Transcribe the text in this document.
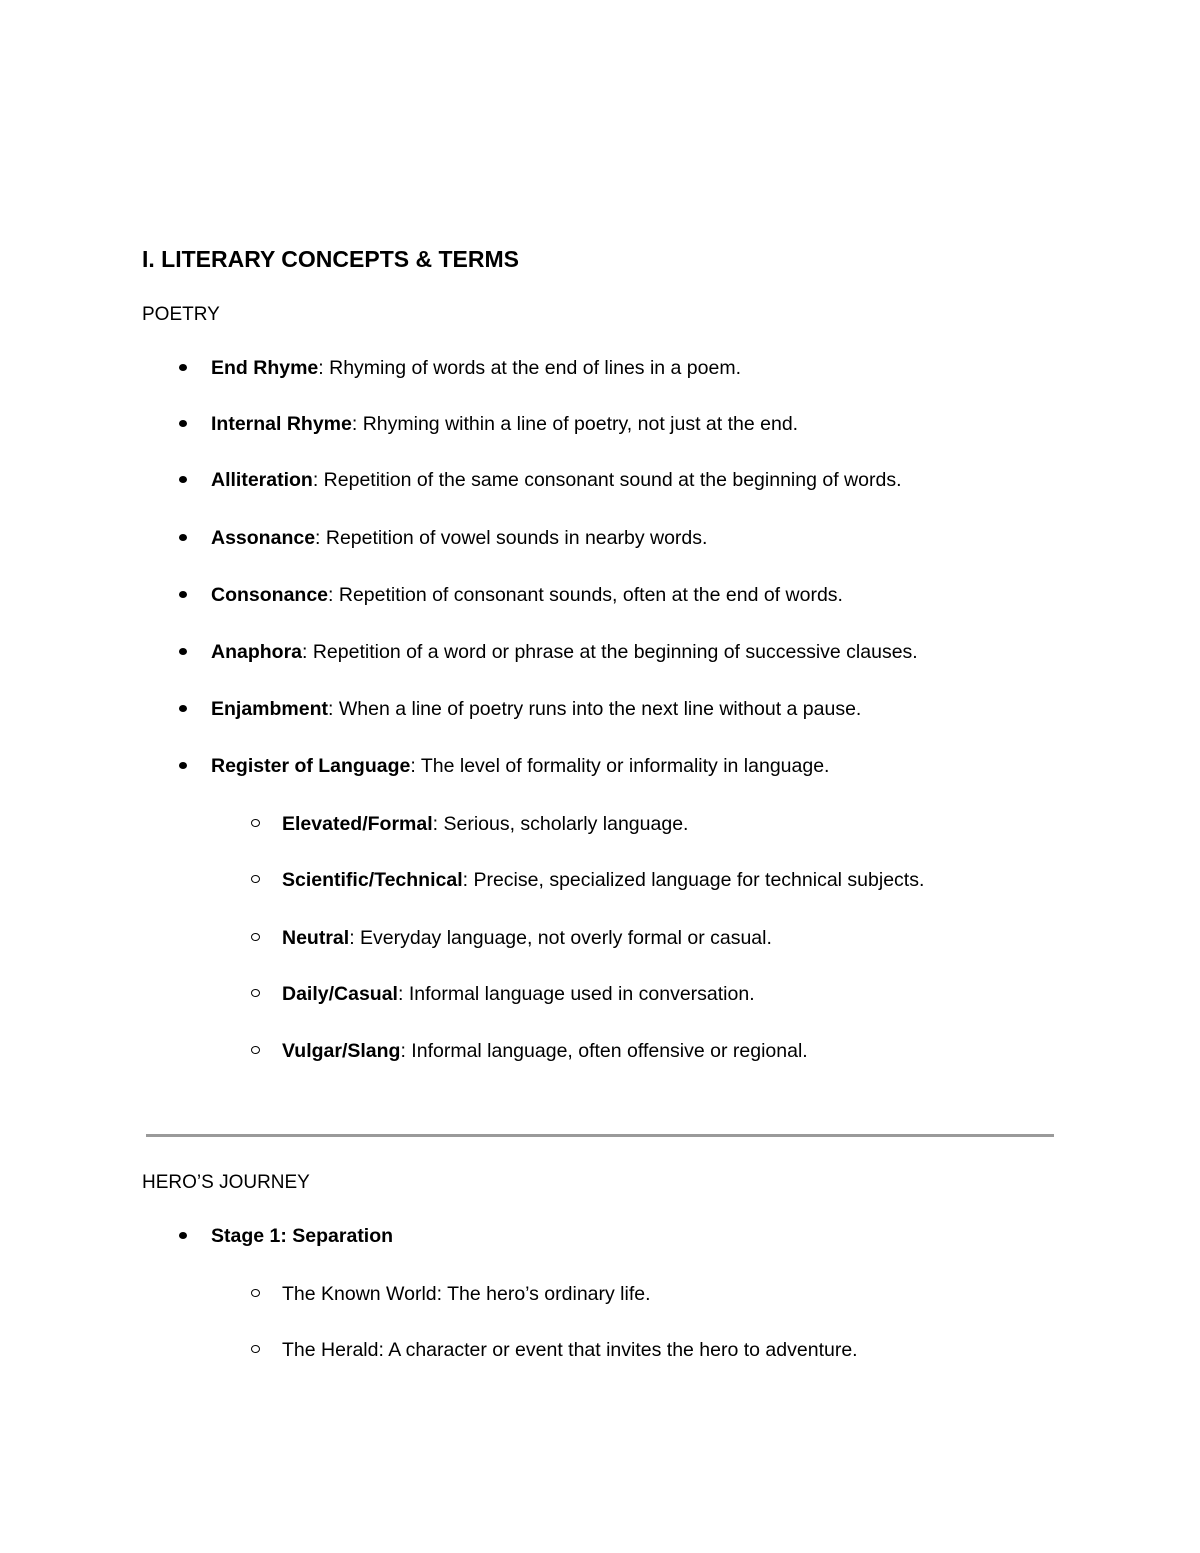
I. LITERARY CONCEPTS & TERMS
POETRY
End Rhyme: Rhyming of words at the end of lines in a poem.
Internal Rhyme: Rhyming within a line of poetry, not just at the end.
Alliteration: Repetition of the same consonant sound at the beginning of words.
Assonance: Repetition of vowel sounds in nearby words.
Consonance: Repetition of consonant sounds, often at the end of words.
Anaphora: Repetition of a word or phrase at the beginning of successive clauses.
Enjambment: When a line of poetry runs into the next line without a pause.
Register of Language: The level of formality or informality in language.
Elevated/Formal: Serious, scholarly language.
Scientific/Technical: Precise, specialized language for technical subjects.
Neutral: Everyday language, not overly formal or casual.
Daily/Casual: Informal language used in conversation.
Vulgar/Slang: Informal language, often offensive or regional.
HERO’S JOURNEY
Stage 1: Separation
The Known World: The hero’s ordinary life.
The Herald: A character or event that invites the hero to adventure.
